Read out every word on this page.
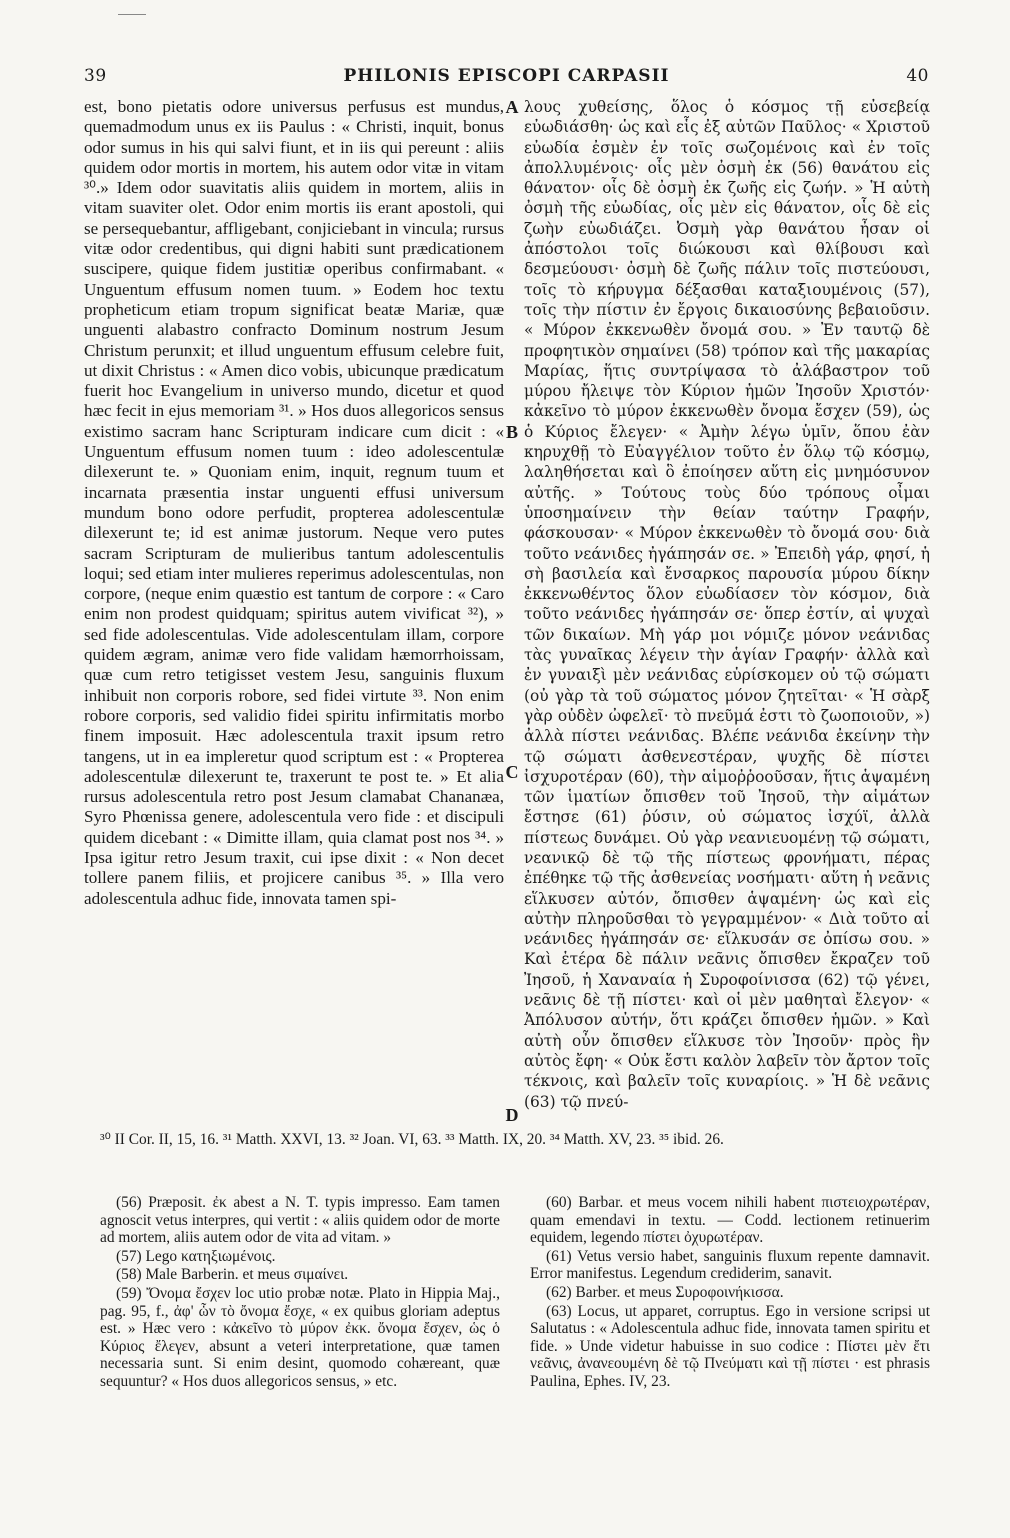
39	PHILONIS EPISCOPI CARPASII	40

est, bono pietatis odore universus perfusus est mundus, quemadmodum unus ex iis Paulus : « Christi, inquit, bonus odor sumus in his qui salvi fiunt, et in iis qui pereunt : aliis quidem odor mortis in mortem, his autem odor vitæ in vitam ³⁰.» Idem odor suavitatis aliis quidem in mortem, aliis in vitam suaviter olet. Odor enim mortis iis erant apostoli, qui se persequebantur, affligebant, conjiciebant in vincula; rursus vitæ odor credentibus, qui digni habiti sunt prædicationem suscipere, quique fidem justitiæ operibus confirmabant. « Unguentum effusum nomen tuum. » Eodem hoc textu propheticum etiam tropum significat beatæ Mariæ, quæ unguenti alabastro confracto Dominum nostrum Jesum Christum perunxit; et illud unguentum effusum celebre fuit, ut dixit Christus : « Amen dico vobis, ubicunque prædicatum fuerit hoc Evangelium in universo mundo, dicetur et quod hæc fecit in ejus memoriam ³¹. » Hos duos allegoricos sensus existimo sacram hanc Scripturam indicare cum dicit : « Unguentum effusum nomen tuum : ideo adolescentulæ dilexerunt te. » Quoniam enim, inquit, regnum tuum et incarnata præsentia instar unguenti effusi universum mundum bono odore perfudit, propterea adolescentulæ dilexerunt te; id est animæ justorum. Neque vero putes sacram Scripturam de mulieribus tantum adolescentulis loqui; sed etiam inter mulieres reperimus adolescentulas, non corpore, (neque enim quæstio est tantum de corpore : « Caro enim non prodest quidquam; spiritus autem vivificat ³²), » sed fide adolescentulas. Vide adolescentulam illam, corpore quidem ægram, animæ vero fide validam hæmorrhoissam, quæ cum retro tetigisset vestem Jesu, sanguinis fluxum inhibuit non corporis robore, sed fidei virtute ³³. Non enim robore corporis, sed validio fidei spiritu infirmitatis morbo finem imposuit. Hæc adolescentula traxit ipsum retro tangens, ut in ea impleretur quod scriptum est : « Propterea adolescentulæ dilexerunt te, traxerunt te post te. » Et alia rursus adolescentula retro post Jesum clamabat Chananæa, Syro Phœnissa genere, adolescentula vero fide : et discipuli quidem dicebant : « Dimitte illam, quia clamat post nos ³⁴. » Ipsa igitur retro Jesum traxit, cui ipse dixit : « Non decet tollere panem filiis, et projicere canibus ³⁵. » Illa vero adolescentula adhuc fide, innovata tamen spi-

A
B
C
D

λους χυθείσης, ὅλος ὁ κόσμος τῇ εὐσεβείᾳ εὐωδιάσθη· ὡς καὶ εἷς ἐξ αὐτῶν Παῦλος· « Χριστοῦ εὐωδία ἐσμὲν ἐν τοῖς σωζομένοις καὶ ἐν τοῖς ἀπολλυμένοις· οἷς μὲν ὀσμὴ ἐκ (56) θανάτου εἰς θάνατον· οἷς δὲ ὀσμὴ ἐκ ζωῆς εἰς ζωήν. » Ἡ αὐτὴ ὀσμὴ τῆς εὐωδίας, οἷς μὲν εἰς θάνατον, οἷς δὲ εἰς ζωὴν εὐωδιάζει. Ὀσμὴ γὰρ θανάτου ἦσαν οἱ ἀπόστολοι τοῖς διώκουσι καὶ θλίβουσι καὶ δεσμεύουσι· ὀσμὴ δὲ ζωῆς πάλιν τοῖς πιστεύουσι, τοῖς τὸ κήρυγμα δέξασθαι καταξιουμένοις (57), τοῖς τὴν πίστιν ἐν ἔργοις δικαιοσύνης βεβαιοῦσιν. « Μύρον ἐκκενωθὲν ὄνομά σου. » Ἐν ταυτῷ δὲ προφητικὸν σημαίνει (58) τρόπον καὶ τῆς μακαρίας Μαρίας, ἥτις συντρίψασα τὸ ἀλάβαστρον τοῦ μύρου ἤλειψε τὸν Κύριον ἡμῶν Ἰησοῦν Χριστόν· κἀκεῖνο τὸ μύρον ἐκκενωθὲν ὄνομα ἔσχεν (59), ὡς ὁ Κύριος ἔλεγεν· « Ἀμὴν λέγω ὑμῖν, ὅπου ἐὰν κηρυχθῇ τὸ Εὐαγγέλιον τοῦτο ἐν ὅλῳ τῷ κόσμῳ, λαληθήσεται καὶ ὃ ἐποίησεν αὕτη εἰς μνημόσυνον αὐτῆς. » Τούτους τοὺς δύο τρόπους οἶμαι ὑποσημαίνειν τὴν θείαν ταύτην Γραφήν, φάσκουσαν· « Μύρον ἐκκενωθὲν τὸ ὄνομά σου· διὰ τοῦτο νεάνιδες ἠγάπησάν σε. » Ἐπειδὴ γάρ, φησί, ἡ σὴ βασιλεία καὶ ἔνσαρκος παρουσία μύρου δίκην ἐκκενωθέντος ὅλον εὐωδίασεν τὸν κόσμον, διὰ τοῦτο νεάνιδες ἠγάπησάν σε· ὅπερ ἐστίν, αἱ ψυχαὶ τῶν δικαίων. Μὴ γάρ μοι νόμιζε μόνον νεάνιδας τὰς γυναῖκας λέγειν τὴν ἁγίαν Γραφήν· ἀλλὰ καὶ ἐν γυναιξὶ μὲν νεάνιδας εὑρίσκομεν οὐ τῷ σώματι (οὐ γὰρ τὰ τοῦ σώματος μόνον ζητεῖται· « Ἡ σὰρξ γὰρ οὐδὲν ὠφελεῖ· τὸ πνεῦμά ἐστι τὸ ζωοποιοῦν, ») ἀλλὰ πίστει νεάνιδας. Βλέπε νεάνιδα ἐκείνην τὴν τῷ σώματι ἀσθενεστέραν, ψυχῆς δὲ πίστει ἰσχυροτέραν (60), τὴν αἱμοῤῥοοῦσαν, ἥτις ἁψαμένη τῶν ἱματίων ὄπισθεν τοῦ Ἰησοῦ, τὴν αἱμάτων ἔστησε (61) ῥύσιν, οὐ σώματος ἰσχύϊ, ἀλλὰ πίστεως δυνάμει. Οὐ γὰρ νεανιευομένῃ τῷ σώματι, νεανικῷ δὲ τῷ τῆς πίστεως φρονήματι, πέρας ἐπέθηκε τῷ τῆς ἀσθενείας νοσήματι· αὕτη ἡ νεᾶνις εἵλκυσεν αὐτόν, ὄπισθεν ἁψαμένη· ὡς καὶ εἰς αὐτὴν πληροῦσθαι τὸ γεγραμμένον· « Διὰ τοῦτο αἱ νεάνιδες ἠγάπησάν σε· εἵλκυσάν σε ὀπίσω σου. » Καὶ ἑτέρα δὲ πάλιν νεᾶνις ὄπισθεν ἔκραζεν τοῦ Ἰησοῦ, ἡ Χαναναία ἡ Συροφοίνισσα (62) τῷ γένει, νεᾶνις δὲ τῇ πίστει· καὶ οἱ μὲν μαθηταὶ ἔλεγον· « Ἀπόλυσον αὐτήν, ὅτι κράζει ὄπισθεν ἡμῶν. » Καὶ αὐτὴ οὖν ὄπισθεν εἵλκυσε τὸν Ἰησοῦν· πρὸς ἣν αὐτὸς ἔφη· « Οὐκ ἔστι καλὸν λαβεῖν τὸν ἄρτον τοῖς τέκνοις, καὶ βαλεῖν τοῖς κυναρίοις. » Ἡ δὲ νεᾶνις (63) τῷ πνεύ-

³⁰ II Cor. II, 15, 16. ³¹ Matth. XXVI, 13. ³² Joan. VI, 63. ³³ Matth. IX, 20. ³⁴ Matth. XV, 23. ³⁵ ibid. 26.

(56) Præposit. ἐκ abest a N. T. typis impresso. Eam tamen agnoscit vetus interpres, qui vertit : « aliis quidem odor de morte ad mortem, aliis autem odor de vita ad vitam. »

(57) Lego κατηξιωμένοις.

(58) Male Barberin. et meus σιμαίνει.

(59) Ὄνομα ἔσχεν loc utio probæ notæ. Plato in Hippia Maj., pag. 95, f., ἀφ' ὧν τὸ ὄνομα ἔσχε, « ex quibus gloriam adeptus est. » Hæc vero : κἀκεῖνο τὸ μύρον ἐκκ. ὄνομα ἔσχεν, ὡς ὁ Κύριος ἔλεγεν, absunt a veteri interpretatione, quæ tamen necessaria sunt. Si enim desint, quomodo cohæreant, quæ sequuntur? « Hos duos allegoricos sensus, » etc.

(60) Barbar. et meus vocem nihili habent πιστειοχρωτέραν, quam emendavi in textu. — Codd. lectionem retinuerim equidem, legendo πίστει ὀχυρωτέραν.

(61) Vetus versio habet, sanguinis fluxum repente damnavit. Error manifestus. Legendum crediderim, sanavit.

(62) Barber. et meus Συροφοινήκισσα.

(63) Locus, ut apparet, corruptus. Ego in versione scripsi ut Salutatus : « Adolescentula adhuc fide, innovata tamen spiritu et fide. » Unde videtur habuisse in suo codice : Πίστει μὲν ἔτι νεᾶνις, ἀνανεουμένη δὲ τῷ Πνεύματι καὶ τῇ πίστει · est phrasis Paulina, Ephes. IV, 23.
